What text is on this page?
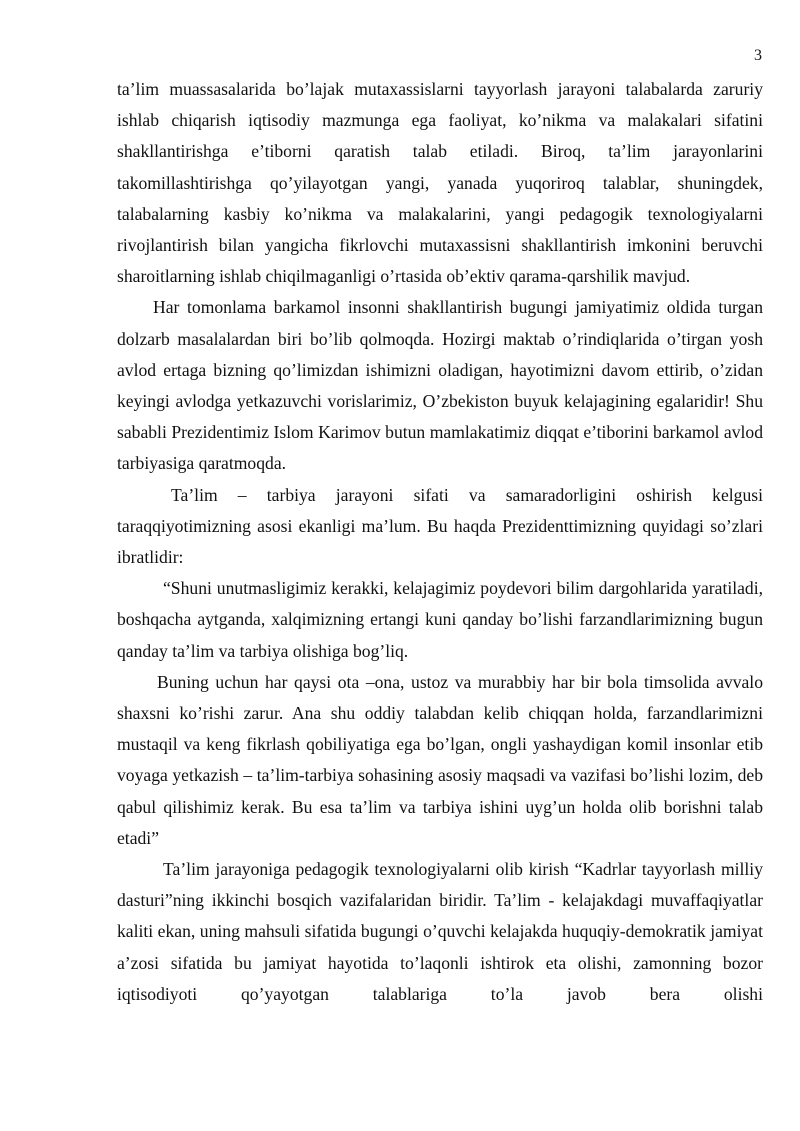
3

ta’lim muassasalarida bo’lajak mutaxassislarni tayyorlash jarayoni talabalarda zaruriy ishlab chiqarish iqtisodiy mazmunga ega faoliyat, ko’nikma va malakalari sifatini shakllantirishga e’tiborni qaratish talab etiladi. Biroq, ta’lim jarayonlarini takomillashtirishga qo’yilayotgan yangi, yanada yuqoriroq talablar, shuningdek, talabalarning kasbiy ko’nikma va malakalarini, yangi pedagogik texnologiyalarni rivojlantirish bilan yangicha fikrlovchi mutaxassisni shakllantirish imkonini beruvchi sharoitlarning ishlab chiqilmaganligi o’rtasida ob’ektiv qarama-qarshilik mavjud.

Har tomonlama barkamol insonni shakllantirish bugungi jamiyatimiz oldida turgan dolzarb masalalardan biri bo’lib qolmoqda. Hozirgi maktab o’rindiqlarida o’tirgan yosh avlod ertaga bizning qo’limizdan ishimizni oladigan, hayotimizni davom ettirib, o’zidan keyingi avlodga yetkazuvchi vorislarimiz, O’zbekiston buyuk kelajagining egalaridir! Shu sababli Prezidentimiz Islom Karimov butun mamlakatimiz diqqat e’tiborini barkamol avlod tarbiyasiga qaratmoqda.

Ta’lim – tarbiya jarayoni sifati va samaradorligini oshirish kelgusi taraqqiyotimizning asosi ekanligi ma’lum. Bu haqda Prezidenttimizning quyidagi so’zlari ibratlidir:

“Shuni unutmasligimiz kerakki, kelajagimiz poydevori bilim dargohlarida yaratiladi, boshqacha aytganda, xalqimizning ertangi kuni qanday bo’lishi farzandlarimizning bugun qanday ta’lim va tarbiya olishiga bog’liq.

Buning uchun har qaysi ota –ona, ustoz va murabbiy har bir bola timsolida avvalo shaxsni ko’rishi zarur. Ana shu oddiy talabdan kelib chiqqan holda, farzandlarimizni mustaqil va keng fikrlash qobiliyatiga ega bo’lgan, ongli yashaydigan komil insonlar etib voyaga yetkazish – ta’lim-tarbiya sohasining asosiy maqsadi va vazifasi bo’lishi lozim, deb qabul qilishimiz kerak. Bu esa ta’lim va tarbiya ishini uyg’un holda olib borishni talab etadi”

Ta’lim jarayoniga pedagogik texnologiyalarni olib kirish “Kadrlar tayyorlash milliy dasturi”ning ikkinchi bosqich vazifalaridan biridir. Ta’lim - kelajakdagi muvaffaqiyatlar kaliti ekan, uning mahsuli sifatida bugungi o’quvchi kelajakda huquqiy-demokratik jamiyat a’zosi sifatida bu jamiyat hayotida to’laqonli ishtirok eta olishi, zamonning bozor iqtisodiyoti qo’yayotgan talablariga to’la javob bera olishi
